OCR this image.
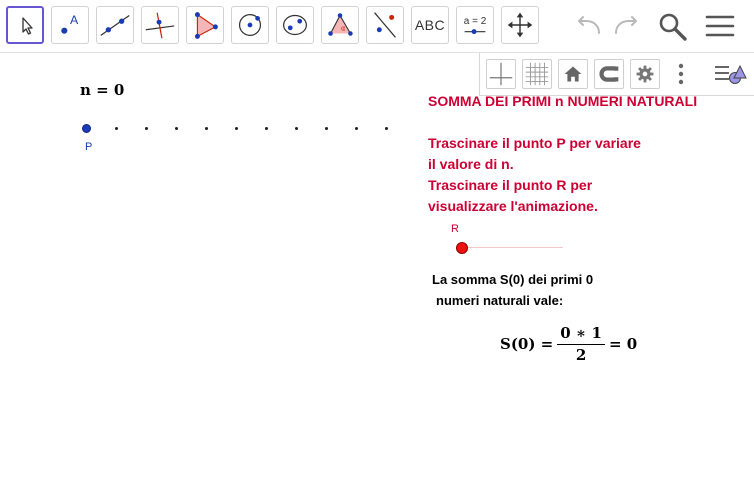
A
α	ABC	a = 2
n = 0
P
SOMMA DEI PRIMI n NUMERI NATURALI
Trascinare il punto P per variare
il valore di n.
Trascinare il punto R per
visualizzare l'animazione.
R
La somma S(0) dei primi 0
numeri naturali vale:
$S(0) = \frac{0 ∗ 1}{2} = 0$
